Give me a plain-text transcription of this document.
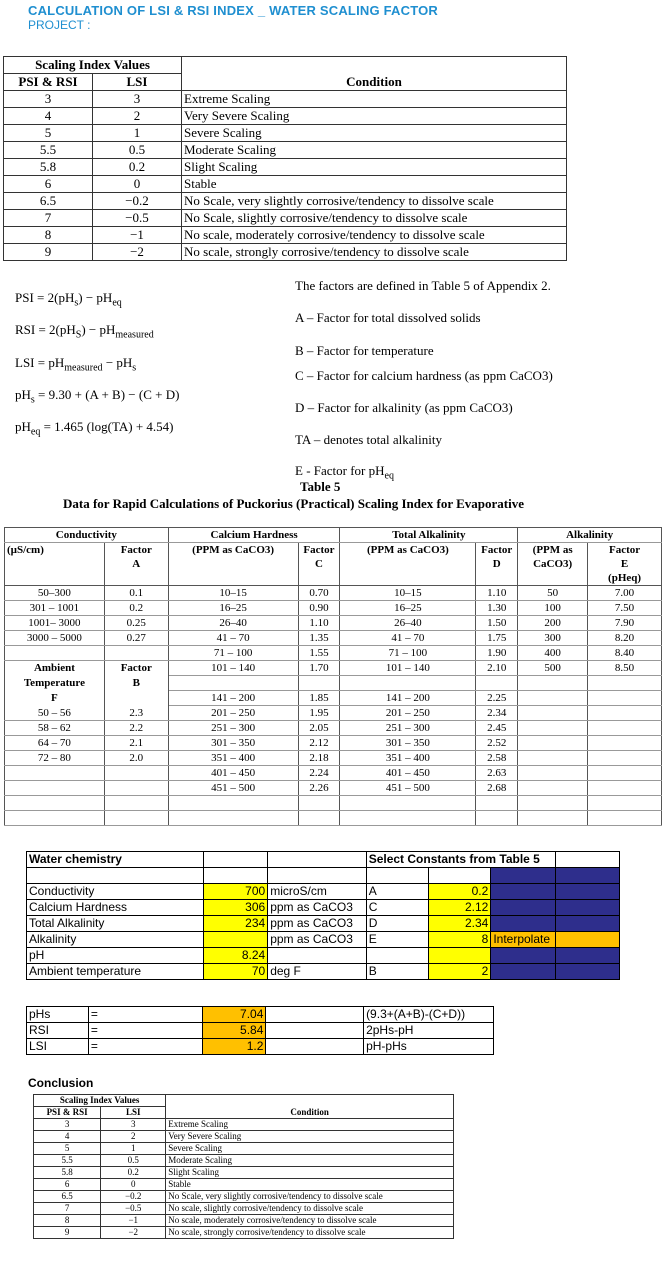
CALCULATION OF LSI & RSI INDEX _ WATER SCALING FACTOR
PROJECT :
Scaling Index Values		Condition
PSI & RSI	LSI	
3	3	Extreme Scaling
4	2	Very Severe Scaling
5	1	Severe Scaling
5.5	0.5	Moderate Scaling
5.8	0.2	Slight Scaling
6	0	Stable
6.5	−0.2	No Scale, very slightly corrosive/tendency to dissolve scale
7	−0.5	No Scale, slightly corrosive/tendency to dissolve scale
8	−1	No scale, moderately corrosive/tendency to dissolve scale
9	−2	No scale, strongly corrosive/tendency to dissolve scale
PSI = $2(pH_s) - pH_{eq}$
RSI = $2(pH_S) - pH_{measured}$
LSI = $pH_{measured} - pH_s$
$pH_s = 9.30 + (A + B) - (C + D)$
$pH_{eq} = 1.465$ (log(TA) + 4.54)
The factors are defined in Table 5 of Appendix 2.
A – Factor for total dissolved solids
B – Factor for temperature
C – Factor for calcium hardness (as ppm CaCO3)
D – Factor for alkalinity (as ppm CaCO3)
TA – denotes total alkalinity
E - Factor for $pH_{eq}$
Table 5
Data for Rapid Calculations of Puckorius (Practical) Scaling Index for Evaporative
Conductivity		Calcium Hardness		Total Alkalinity		Alkalinity	
(µS/cm)	Factor	(PPM as CaCO3)	Factor	(PPM as CaCO3)	Factor	(PPM as	Factor
	A		C		D	CaCO3)	E
							(pHeq)
50–300	0.1	10–15	0.70	10–15	1.10	50	7.00
301 – 1001	0.2	16–25	0.90	16–25	1.30	100	7.50
1001– 3000	0.25	26–40	1.10	26–40	1.50	200	7.90
3000 – 5000	0.27	41 – 70	1.35	41 – 70	1.75	300	8.20
		71 – 100	1.55	71 – 100	1.90	400	8.40
Ambient	Factor	101 – 140	1.70	101 – 140	2.10	500	8.50
Temperature	B						
F		141 – 200	1.85	141 – 200	2.25		
50 – 56	2.3	201 – 250	1.95	201 – 250	2.34		
58 – 62	2.2	251 – 300	2.05	251 – 300	2.45		
64 – 70	2.1	301 – 350	2.12	301 – 350	2.52		
72 – 80	2.0	351 – 400	2.18	351 – 400	2.58		
		401 – 450	2.24	401 – 450	2.63		
		451 – 500	2.26	451 – 500	2.68		

Water chemistry			Select Constants from Table 5			

Conductivity	700	microS/cm	A	0.2		
Calcium Hardness	306	ppm as CaCO3	C	2.12		
Total Alkalinity	234	ppm as CaCO3	D	2.34		
Alkalinity		ppm as CaCO3	E	8	Interpolate	
pH	8.24					
Ambient temperature	70	deg F	B	2		
pHs	=	7.04		(9.3+(A+B)-(C+D))
RSI	=	5.84		2pHs-pH
LSI	=	1.2		pH-pHs
Conclusion
Scaling Index Values		Condition
PSI & RSI	LSI	
3	3	Extreme Scaling
4	2	Very Severe Scaling
5	1	Severe Scaling
5.5	0.5	Moderate Scaling
5.8	0.2	Slight Scaling
6	0	Stable
6.5	−0.2	No Scale, very slightly corrosive/tendency to dissolve scale
7	−0.5	No scale, slightly corrosive/tendency to dissolve scale
8	−1	No scale, moderately corrosive/tendency to dissolve scale
9	−2	No scale, strongly corrosive/tendency to dissolve scale
